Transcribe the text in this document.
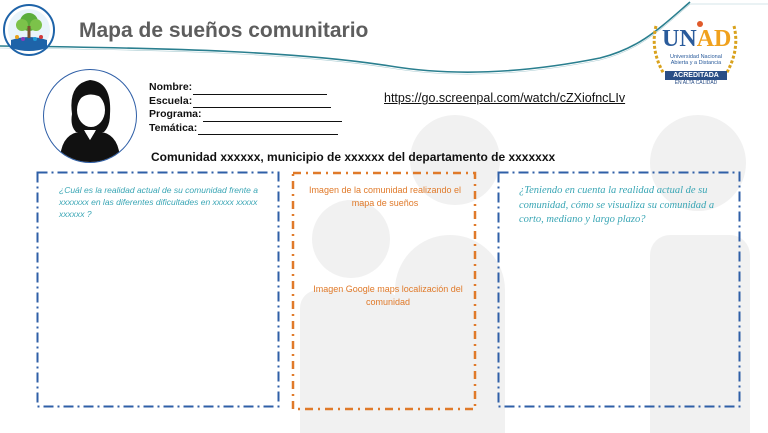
Mapa de sueños comunitario	UNAD
Universidad Nacional Abierta y a Distancia
ACREDITADA
EN ALTA CALIDAD
Nombre:
Escuela:
Programa:
Temática:
https://go.screenpal.com/watch/cZXiofncLIv
Comunidad xxxxxx, municipio de xxxxxx del departamento de xxxxxxx
¿Cuál es la realidad actual de su comunidad frente a xxxxxxx en las diferentes dificultades en xxxxx xxxxx xxxxxx ?
Imagen de la comunidad realizando el mapa de sueños
Imagen Google maps localización del comunidad
¿Teniendo en cuenta la realidad actual de su comunidad, cómo se visualiza su comunidad a corto, mediano y largo plazo?
